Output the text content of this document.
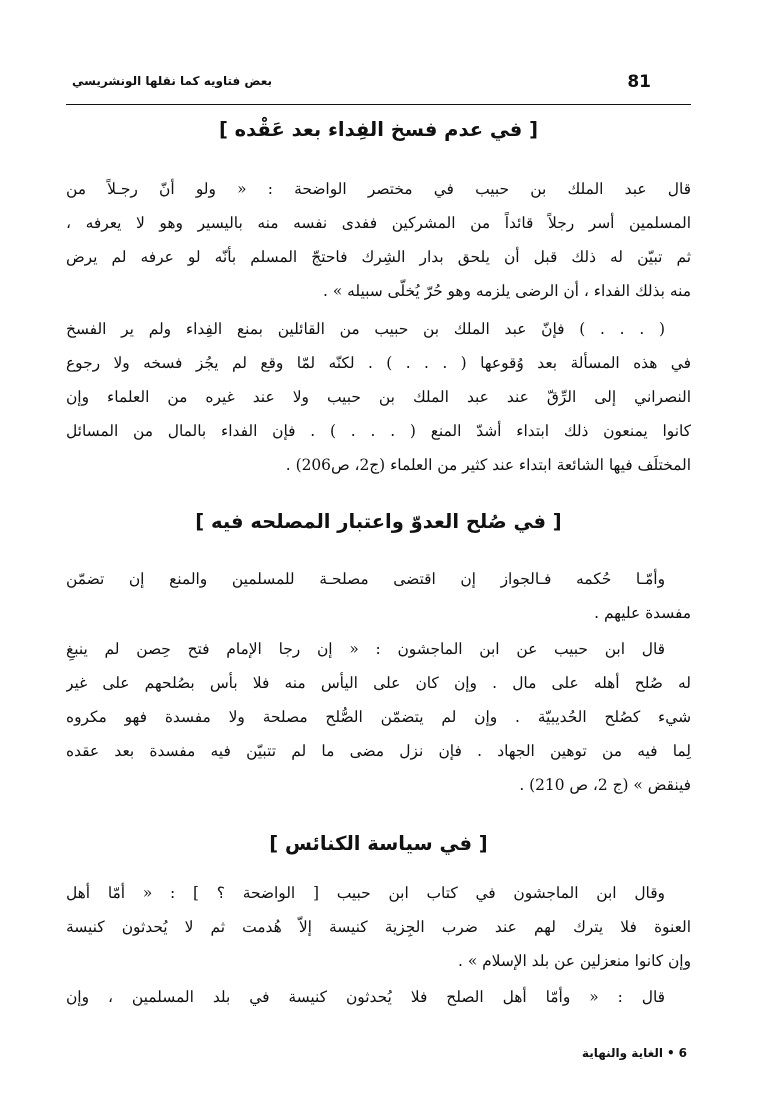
81
بعض فتاويه كما نقلها الونشريسي
[ في عدم فسخ الفِداء بعد عَقْده ]
قال عبد الملك بن حبيب في مختصر الواضحة : « ولو أنّ رجـلاً من
المسلمين أسر رجلاً قائداً من المشركين ففدى نفسه منه باليسير وهو لا يعرفه ،
ثم تبيّن له ذلك قبل أن يلحق بدار الشِرك فاحتجّ المسلم بأنّه لو عرفه لم يرض
منه بذلك الفداء ، أن الرضى يلزمه وهو حُرّ يُخلّى سبيله » .
( . . . ) فإنّ عبد الملك بن حبيب من القائلين بمنع الفِداء ولم ير الفسخ
في هذه المسألة بعد وُقوعها ( . . . ) . لكنّه لمّا وقع لم يجُز فسخه ولا رجوع
النصراني إلى الرِّقّ عند عبد الملك بن حبيب ولا عند غيره من العلماء وإن
كانوا يمنعون ذلك ابتداء أشدّ المنع ( . . . ) . فإن الفداء بالمال من المسائل
المختلَف فيها الشائعة ابتداء عند كثير من العلماء (ج2، ص206) .
[ في صُلح العدوّ واعتبار المصلحه فيه ]
وأمّـا حُكمه فـالجواز إن اقتضى مصلحـة للمسلمين والمنع إن تضمّن
مفسدة عليهم .
قال ابن حبيب عن ابن الماجشون : « إن رجا الإمام فتح حِصن لم ينبغِ
له صُلح أهله على مال . وإن كان على اليأس منه فلا بأس بصُلحهم على غير
شيء كصُلح الحُديبيّة . وإن لم يتضمّن الصُّلح مصلحة ولا مفسدة فهو مكروه
لِما فيه من توهين الجهاد . فإن نزل مضى ما لم تتبيّن فيه مفسدة بعد عقده
فينقض » (ج 2، ص 210) .
[ في سياسة الكنائس ]
وقال ابن الماجشون في كتاب ابن حبيب [ الواضحة ؟ ] : « أمّا أهل
العنوة فلا يترك لهم عند ضرب الجِزية كنيسة إلاّ هُدمت ثم لا يُحدثون كنيسة
وإن كانوا منعزلين عن بلد الإسلام » .
قال : « وأمّا أهل الصلح فلا يُحدثون كنيسة في بلد المسلمين ، وإن
6•الغاية والنهاية
